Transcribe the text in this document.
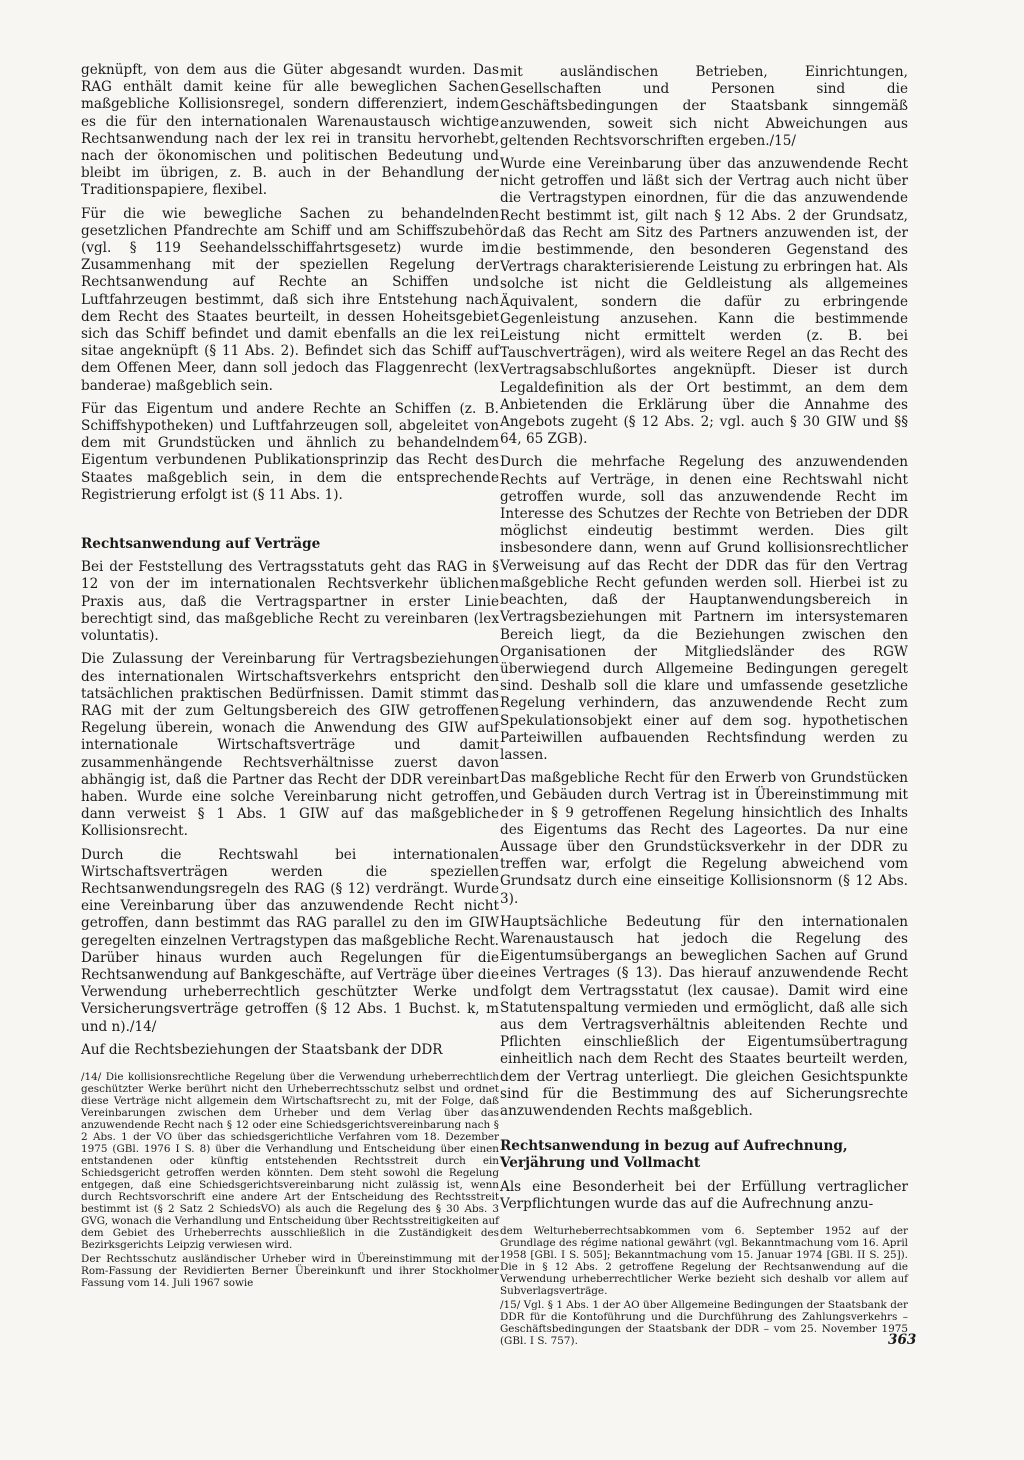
geknüpft, von dem aus die Güter abgesandt wurden. Das RAG enthält damit keine für alle beweglichen Sachen maßgebliche Kollisionsregel, sondern differenziert, indem es die für den internationalen Warenaustausch wichtige Rechtsanwendung nach der lex rei in transitu hervorhebt, nach der ökonomischen und politischen Bedeutung und bleibt im übrigen, z. B. auch in der Behandlung der Traditionspapiere, flexibel.

Für die wie bewegliche Sachen zu behandelnden gesetzlichen Pfandrechte am Schiff und am Schiffszubehör (vgl. § 119 Seehandelsschiffahrtsgesetz) wurde im Zusammenhang mit der speziellen Regelung der Rechtsanwendung auf Rechte an Schiffen und Luftfahrzeugen bestimmt, daß sich ihre Entstehung nach dem Recht des Staates beurteilt, in dessen Hoheitsgebiet sich das Schiff befindet und damit ebenfalls an die lex rei sitae angeknüpft (§ 11 Abs. 2). Befindet sich das Schiff auf dem Offenen Meer, dann soll jedoch das Flaggenrecht (lex banderae) maßgeblich sein.

Für das Eigentum und andere Rechte an Schiffen (z. B. Schiffshypotheken) und Luftfahrzeugen soll, abgeleitet von dem mit Grundstücken und ähnlich zu behandelndem Eigentum verbundenen Publikationsprinzip das Recht des Staates maßgeblich sein, in dem die entsprechende Registrierung erfolgt ist (§ 11 Abs. 1).

Rechtsanwendung auf Verträge

Bei der Feststellung des Vertragsstatuts geht das RAG in § 12 von der im internationalen Rechtsverkehr üblichen Praxis aus, daß die Vertragspartner in erster Linie berechtigt sind, das maßgebliche Recht zu vereinbaren (lex voluntatis).

Die Zulassung der Vereinbarung für Vertragsbeziehungen des internationalen Wirtschaftsverkehrs entspricht den tatsächlichen praktischen Bedürfnissen. Damit stimmt das RAG mit der zum Geltungsbereich des GIW getroffenen Regelung überein, wonach die Anwendung des GIW auf internationale Wirtschaftsverträge und damit zusammenhängende Rechtsverhältnisse zuerst davon abhängig ist, daß die Partner das Recht der DDR vereinbart haben. Wurde eine solche Vereinbarung nicht getroffen, dann verweist § 1 Abs. 1 GIW auf das maßgebliche Kollisionsrecht.

Durch die Rechtswahl bei internationalen Wirtschaftsverträgen werden die speziellen Rechtsanwendungsregeln des RAG (§ 12) verdrängt. Wurde eine Vereinbarung über das anzuwendende Recht nicht getroffen, dann bestimmt das RAG parallel zu den im GIW geregelten einzelnen Vertragstypen das maßgebliche Recht. Darüber hinaus wurden auch Regelungen für die Rechtsanwendung auf Bankgeschäfte, auf Verträge über die Verwendung urheberrechtlich geschützter Werke und Versicherungsverträge getroffen (§ 12 Abs. 1 Buchst. k, m und n)./14/

Auf die Rechtsbeziehungen der Staatsbank der DDR

/14/ Die kollisionsrechtliche Regelung über die Verwendung urheberrechtlich geschützter Werke berührt nicht den Urheberrechtsschutz selbst und ordnet diese Verträge nicht allgemein dem Wirtschaftsrecht zu, mit der Folge, daß Vereinbarungen zwischen dem Urheber und dem Verlag über das anzuwendende Recht nach § 12 oder eine Schiedsgerichtsvereinbarung nach § 2 Abs. 1 der VO über das schiedsgerichtliche Verfahren vom 18. Dezember 1975 (GBl. 1976 I S. 8) über die Verhandlung und Entscheidung über einen entstandenen oder künftig entstehenden Rechtsstreit durch ein Schiedsgericht getroffen werden könnten. Dem steht sowohl die Regelung entgegen, daß eine Schiedsgerichtsvereinbarung nicht zulässig ist, wenn durch Rechtsvorschrift eine andere Art der Entscheidung des Rechtsstreit bestimmt ist (§ 2 Satz 2 SchiedsVO) als auch die Regelung des § 30 Abs. 3 GVG, wonach die Verhandlung und Entscheidung über Rechtsstreitigkeiten auf dem Gebiet des Urheberrechts ausschließlich in die Zuständigkeit des Bezirksgerichts Leipzig verwiesen wird.

Der Rechtsschutz ausländischer Urheber wird in Übereinstimmung mit der Rom-Fassung der Revidierten Berner Übereinkunft und ihrer Stockholmer Fassung vom 14. Juli 1967 sowie

mit ausländischen Betrieben, Einrichtungen, Gesellschaften und Personen sind die Geschäftsbedingungen der Staatsbank sinngemäß anzuwenden, soweit sich nicht Abweichungen aus geltenden Rechtsvorschriften ergeben./15/

Wurde eine Vereinbarung über das anzuwendende Recht nicht getroffen und läßt sich der Vertrag auch nicht über die Vertragstypen einordnen, für die das anzuwendende Recht bestimmt ist, gilt nach § 12 Abs. 2 der Grundsatz, daß das Recht am Sitz des Partners anzuwenden ist, der die bestimmende, den besonderen Gegenstand des Vertrags charakterisierende Leistung zu erbringen hat. Als solche ist nicht die Geldleistung als allgemeines Äquivalent, sondern die dafür zu erbringende Gegenleistung anzusehen. Kann die bestimmende Leistung nicht ermittelt werden (z. B. bei Tauschverträgen), wird als weitere Regel an das Recht des Vertragsabschlußortes angeknüpft. Dieser ist durch Legaldefinition als der Ort bestimmt, an dem dem Anbietenden die Erklärung über die Annahme des Angebots zugeht (§ 12 Abs. 2; vgl. auch § 30 GIW und §§ 64, 65 ZGB).

Durch die mehrfache Regelung des anzuwendenden Rechts auf Verträge, in denen eine Rechtswahl nicht getroffen wurde, soll das anzuwendende Recht im Interesse des Schutzes der Rechte von Betrieben der DDR möglichst eindeutig bestimmt werden. Dies gilt insbesondere dann, wenn auf Grund kollisionsrechtlicher Verweisung auf das Recht der DDR das für den Vertrag maßgebliche Recht gefunden werden soll. Hierbei ist zu beachten, daß der Hauptanwendungsbereich in Vertragsbeziehungen mit Partnern im intersystemaren Bereich liegt, da die Beziehungen zwischen den Organisationen der Mitgliedsländer des RGW überwiegend durch Allgemeine Bedingungen geregelt sind. Deshalb soll die klare und umfassende gesetzliche Regelung verhindern, das anzuwendende Recht zum Spekulationsobjekt einer auf dem sog. hypothetischen Parteiwillen aufbauenden Rechtsfindung werden zu lassen.

Das maßgebliche Recht für den Erwerb von Grundstücken und Gebäuden durch Vertrag ist in Übereinstimmung mit der in § 9 getroffenen Regelung hinsichtlich des Inhalts des Eigentums das Recht des Lageortes. Da nur eine Aussage über den Grundstücksverkehr in der DDR zu treffen war, erfolgt die Regelung abweichend vom Grundsatz durch eine einseitige Kollisionsnorm (§ 12 Abs. 3).

Hauptsächliche Bedeutung für den internationalen Warenaustausch hat jedoch die Regelung des Eigentumsübergangs an beweglichen Sachen auf Grund eines Vertrages (§ 13). Das hierauf anzuwendende Recht folgt dem Vertragsstatut (lex causae). Damit wird eine Statutenspaltung vermieden und ermöglicht, daß alle sich aus dem Vertragsverhältnis ableitenden Rechte und Pflichten einschließlich der Eigentumsübertragung einheitlich nach dem Recht des Staates beurteilt werden, dem der Vertrag unterliegt. Die gleichen Gesichtspunkte sind für die Bestimmung des auf Sicherungsrechte anzuwendenden Rechts maßgeblich.

Rechtsanwendung in bezug auf Aufrechnung,
Verjährung und Vollmacht

Als eine Besonderheit bei der Erfüllung vertraglicher Verpflichtungen wurde das auf die Aufrechnung anzu-

dem Welturheberrechtsabkommen vom 6. September 1952 auf der Grundlage des régime national gewährt (vgl. Bekanntmachung vom 16. April 1958 [GBl. I S. 505]; Bekanntmachung vom 15. Januar 1974 [GBl. II S. 25]). Die in § 12 Abs. 2 getroffene Regelung der Rechtsanwendung auf die Verwendung urheberrechtlicher Werke bezieht sich deshalb vor allem auf Subverlagsverträge.

/15/ Vgl. § 1 Abs. 1 der AO über Allgemeine Bedingungen der Staatsbank der DDR für die Kontoführung und die Durchführung des Zahlungsverkehrs – Geschäftsbedingungen der Staatsbank der DDR – vom 25. November 1975 (GBl. I S. 757).	363
